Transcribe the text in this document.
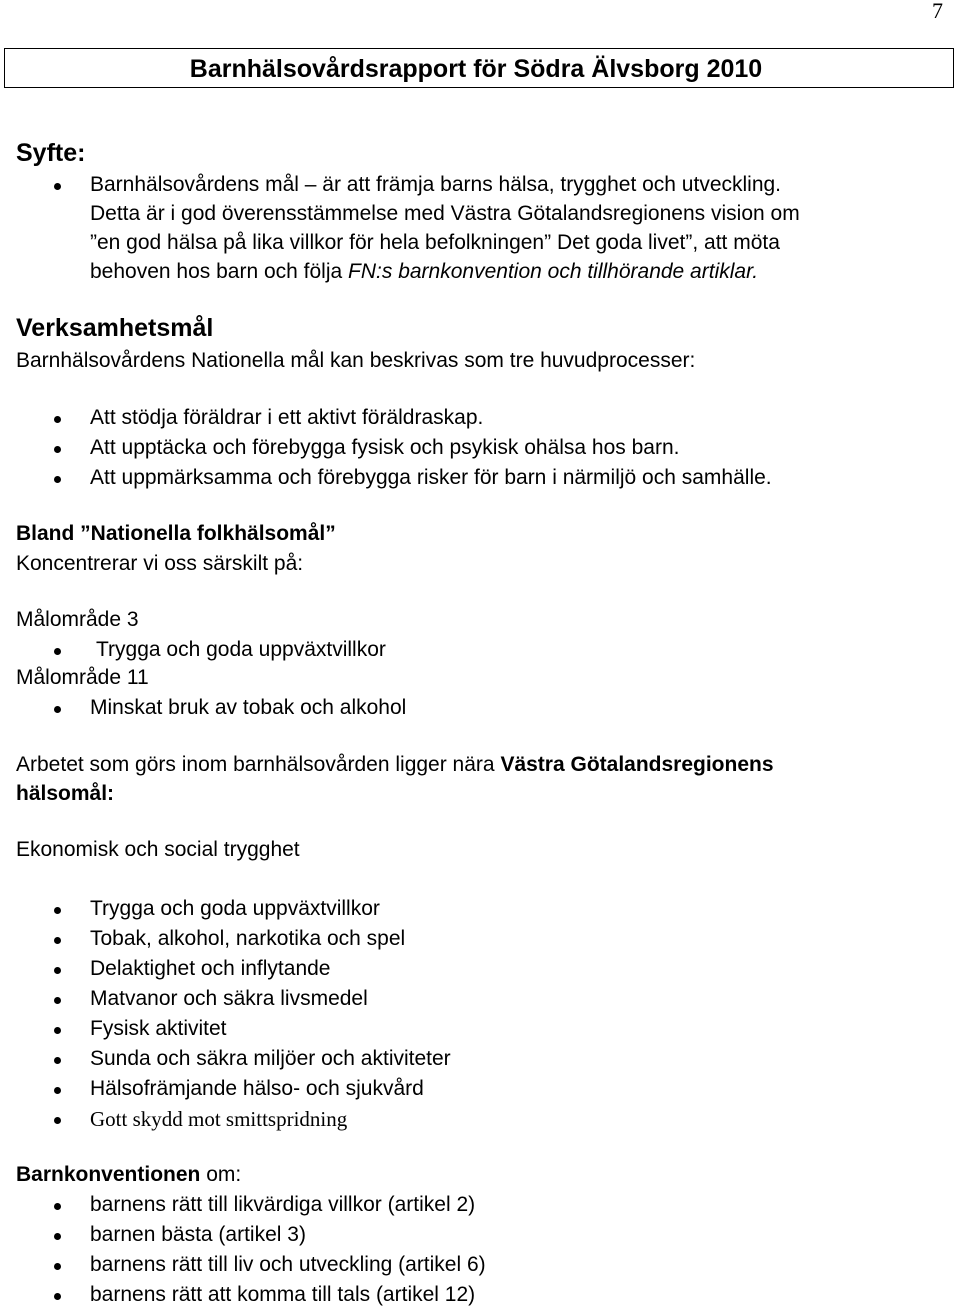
7
Barnhälsovårdsrapport för Södra Älvsborg 2010
Syfte:
Barnhälsovårdens mål – är att främja barns hälsa, trygghet och utveckling.
Detta är i god överensstämmelse med Västra Götalandsregionens vision om
”en god hälsa på lika villkor för hela befolkningen” Det goda livet”, att möta
behoven hos barn och följa FN:s barnkonvention och tillhörande artiklar.
Verksamhetsmål
Barnhälsovårdens Nationella mål kan beskrivas som tre huvudprocesser:
Att stödja föräldrar i ett aktivt föräldraskap.
Att upptäcka och förebygga fysisk och psykisk ohälsa hos barn.
Att uppmärksamma och förebygga risker för barn i närmiljö och samhälle.
Bland ”Nationella folkhälsomål”
Koncentrerar vi oss särskilt på:
Målområde 3
Trygga och goda uppväxtvillkor
Målområde 11
Minskat bruk av tobak och alkohol
Arbetet som görs inom barnhälsovården ligger nära Västra Götalandsregionens
hälsomål:
Ekonomisk och social trygghet
Trygga och goda uppväxtvillkor
Tobak, alkohol, narkotika och spel
Delaktighet och inflytande
Matvanor och säkra livsmedel
Fysisk aktivitet
Sunda och säkra miljöer och aktiviteter
Hälsofrämjande hälso- och sjukvård
Gott skydd mot smittspridning
Barnkonventionen om:
barnens rätt till likvärdiga villkor (artikel 2)
barnen bästa (artikel 3)
barnens rätt till liv och utveckling (artikel 6)
barnens rätt att komma till tals (artikel 12)
